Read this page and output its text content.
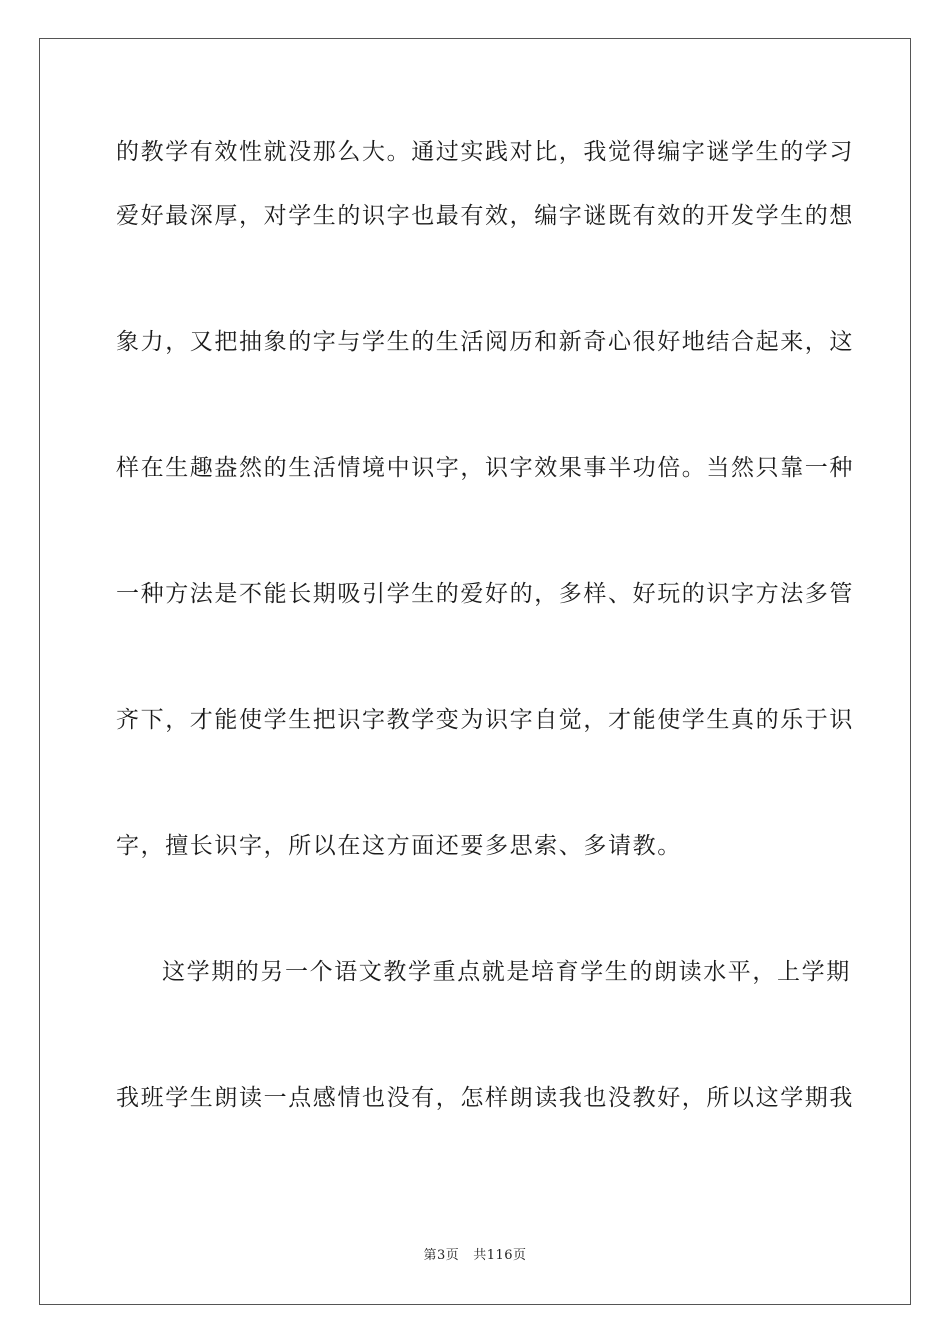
的教学有效性就没那么大。通过实践对比，我觉得编字谜学生的学习
爱好最深厚，对学生的识字也最有效，编字谜既有效的开发学生的想
象力，又把抽象的字与学生的生活阅历和新奇心很好地结合起来，这
样在生趣盎然的生活情境中识字，识字效果事半功倍。当然只靠一种
一种方法是不能长期吸引学生的爱好的，多样、好玩的识字方法多管
齐下，才能使学生把识字教学变为识字自觉，才能使学生真的乐于识
字，擅长识字，所以在这方面还要多思索、多请教。
这学期的另一个语文教学重点就是培育学生的朗读水平，上学期
我班学生朗读一点感情也没有，怎样朗读我也没教好，所以这学期我
第3页 共116页
